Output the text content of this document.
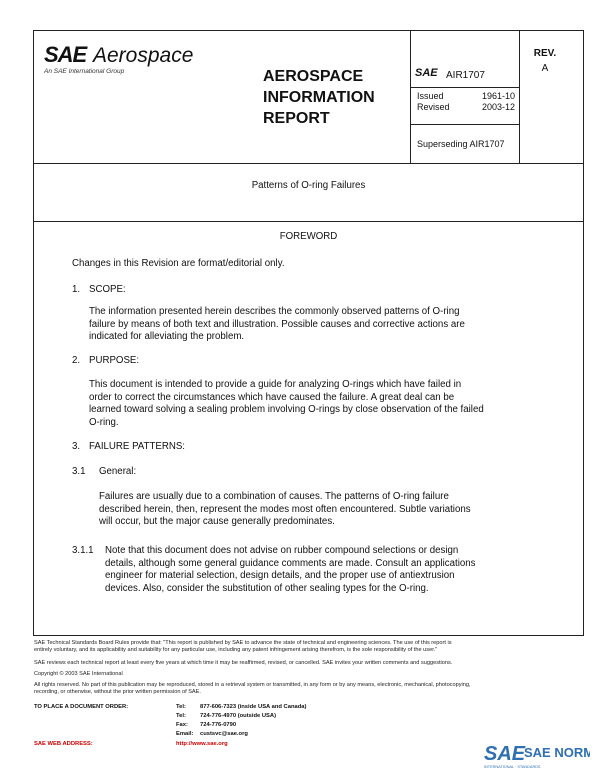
SAE Aerospace
An SAE International Group	AEROSPACE
INFORMATION
REPORT
SAE AIR1707
REV.
A
Issued	1961-10
Revised	2003-12
Superseding AIR1707
Patterns of O-ring Failures
FOREWORD
Changes in this Revision are format/editorial only.
1. SCOPE:
The information presented herein describes the commonly observed patterns of O-ring
failure by means of both text and illustration. Possible causes and corrective actions are
indicated for alleviating the problem.
2. PURPOSE:
This document is intended to provide a guide for analyzing O-rings which have failed in
order to correct the circumstances which have caused the failure. A great deal can be
learned toward solving a sealing problem involving O-rings by close observation of the failed
O-ring.
3. FAILURE PATTERNS:
3.1 General:
Failures are usually due to a combination of causes. The patterns of O-ring failure
described herein, then, represent the modes most often encountered. Subtle variations
will occur, but the major cause generally predominates.
3.1.1 Note that this document does not advise on rubber compound selections or design
details, although some general guidance comments are made. Consult an applications
engineer for material selection, design details, and the proper use of antiextrusion
devices. Also, consider the substitution of other sealing types for the O-ring.
SAE Technical Standards Board Rules provide that: "This report is published by SAE to advance the state of technical and engineering sciences. The use of this report is
entirely voluntary, and its applicability and suitability for any particular use, including any patent infringement arising therefrom, is the sole responsibility of the user."
SAE reviews each technical report at least every five years at which time it may be reaffirmed, revised, or cancelled. SAE invites your written comments and suggestions.
Copyright © 2003 SAE International
All rights reserved. No part of this publication may be reproduced, stored in a retrieval system or transmitted, in any form or by any means, electronic, mechanical, photocopying,
recording, or otherwise, without the prior written permission of SAE.
TO PLACE A DOCUMENT ORDER:	Tel: 877-606-7323 (inside USA and Canada)
Tel: 724-776-4970 (outside USA)
Fax: 724-776-0790
Email: custsvc@sae.org
SAE WEB ADDRESS:	http://www.sae.org	SAE
SAE NORM
INTERNATIONAL · STANDARDS
